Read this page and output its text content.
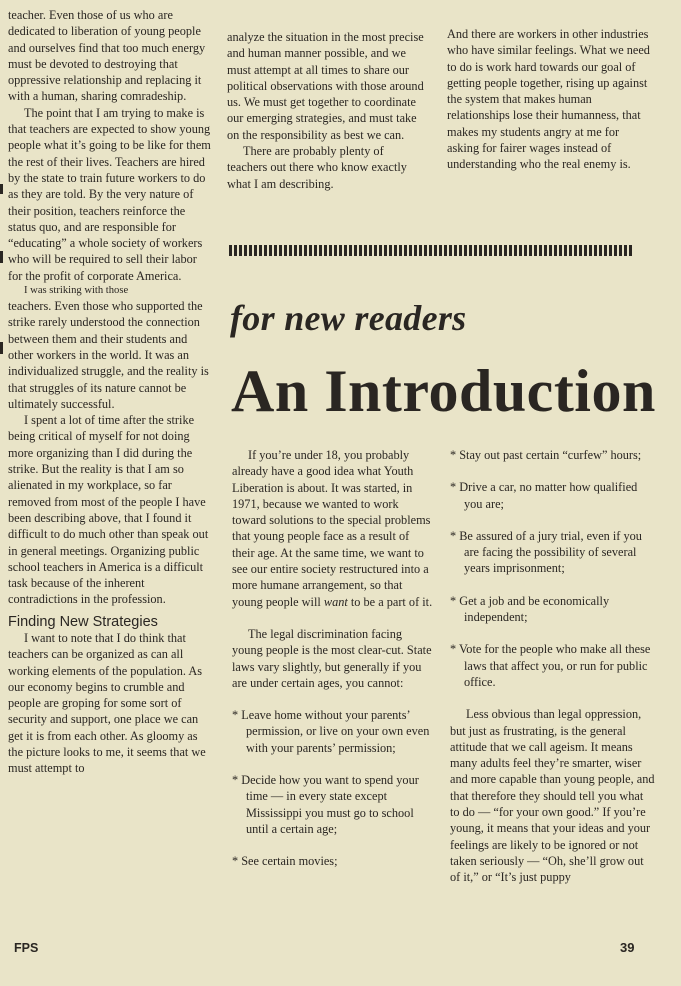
teacher. Even those of us who are dedicated to liberation of young people and ourselves find that too much energy must be devoted to destroying that oppressive relationship and replacing it with a human, sharing comradeship.

The point that I am trying to make is that teachers are expected to show young people what it’s going to be like for them the rest of their lives. Teachers are hired by the state to train future workers to do as they are told. By the very nature of their position, teachers reinforce the status quo, and are responsible for “educating” a whole society of workers who will be required to sell their labor for the profit of corporate America.

I was striking with those

teachers. Even those who supported the strike rarely understood the connection between them and their students and other workers in the world. It was an individualized struggle, and the reality is that struggles of its nature cannot be ultimately successful.

I spent a lot of time after the strike being critical of myself for not doing more organizing than I did during the strike. But the reality is that I am so alienated in my workplace, so far removed from most of the people I have been describing above, that I found it difficult to do much other than speak out in general meetings. Organizing public school teachers in America is a difficult task because of the inherent contradictions in the profession.

Finding New Strategies

I want to note that I do think that teachers can be organized as can all working elements of the population. As our economy begins to crumble and people are groping for some sort of security and support, one place we can get it is from each other. As gloomy as the picture looks to me, it seems that we must attempt to

analyze the situation in the most precise and human manner possible, and we must attempt at all times to share our political observations with those around us. We must get together to coordinate our emerging strategies, and must take on the responsibility as best we can.

There are probably plenty of teachers out there who know exactly what I am describing.

And there are workers in other industries who have similar feelings. What we need to do is work hard towards our goal of getting people together, rising up against the system that makes human relationships lose their humanness, that makes my students angry at me for asking for fairer wages instead of understanding who the real enemy is.

for new readers
An Introduction

If you’re under 18, you probably already have a good idea what Youth Liberation is about. It was started, in 1971, because we wanted to work toward solutions to the special problems that young people face as a result of their age. At the same time, we want to see our entire society restructured into a more humane arrangement, so that young people will want to be a part of it.

The legal discrimination facing young people is the most clear-cut. State laws vary slightly, but generally if you are under certain ages, you cannot:

* Leave home without your parents’ permission, or live on your own even with your parents’ permission;

* Decide how you want to spend your time — in every state except Mississippi you must go to school until a certain age;

* See certain movies;

* Stay out past certain “curfew” hours;

* Drive a car, no matter how qualified you are;

* Be assured of a jury trial, even if you are facing the possibility of several years imprisonment;

* Get a job and be economically independent;

* Vote for the people who make all these laws that affect you, or run for public office.

Less obvious than legal oppression, but just as frustrating, is the general attitude that we call ageism. It means many adults feel they’re smarter, wiser and more capable than young people, and that therefore they should tell you what to do — “for your own good.” If you’re young, it means that your ideas and your feelings are likely to be ignored or not taken seriously — “Oh, she’ll grow out of it,” or “It’s just puppy

FPS	39
